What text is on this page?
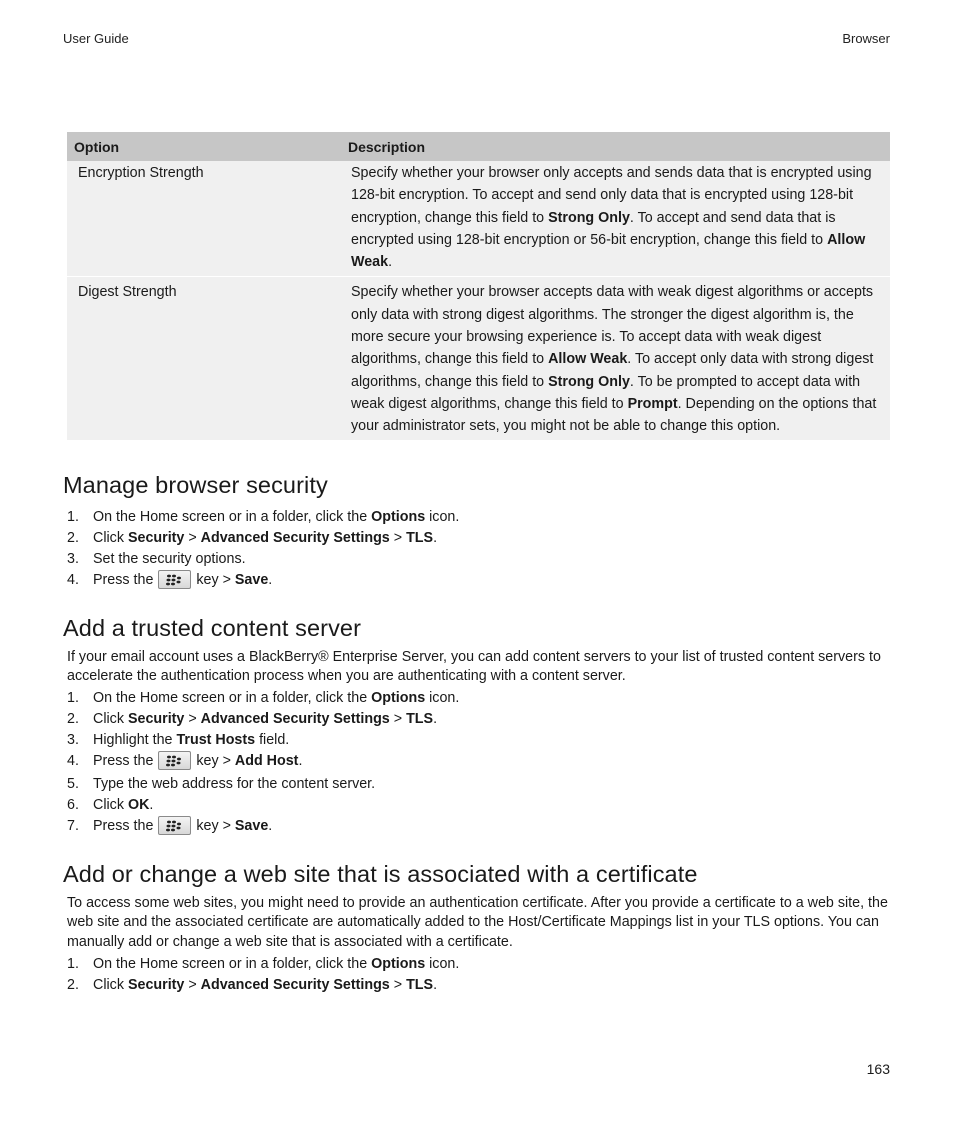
User Guide	Browser
Option	Description
Encryption Strength	Specify whether your browser only accepts and sends data that is encrypted using 128-bit encryption. To accept and send only data that is encrypted using 128-bit encryption, change this field to Strong Only. To accept and send data that is encrypted using 128-bit encryption or 56-bit encryption, change this field to Allow Weak.
Digest Strength	Specify whether your browser accepts data with weak digest algorithms or accepts only data with strong digest algorithms. The stronger the digest algorithm is, the more secure your browsing experience is. To accept data with weak digest algorithms, change this field to Allow Weak. To accept only data with strong digest algorithms, change this field to Strong Only. To be prompted to accept data with weak digest algorithms, change this field to Prompt. Depending on the options that your administrator sets, you might not be able to change this option.
Manage browser security
1. On the Home screen or in a folder, click the Options icon.
2. Click Security > Advanced Security Settings > TLS.
3. Set the security options.
4. Press the
key > Save.
Add a trusted content server

If your email account uses a BlackBerry® Enterprise Server, you can add content servers to your list of trusted content servers to accelerate the authentication process when you are authenticating with a content server.

1. On the Home screen or in a folder, click the Options icon.
2. Click Security > Advanced Security Settings > TLS.
3. Highlight the Trust Hosts field.
4. Press the
key > Add Host.
5. Type the web address for the content server.
6. Click OK.
7. Press the
key > Save.
Add or change a web site that is associated with a certificate

To access some web sites, you might need to provide an authentication certificate. After you provide a certificate to a web site, the web site and the associated certificate are automatically added to the Host/Certificate Mappings list in your TLS options. You can manually add or change a web site that is associated with a certificate.

1. On the Home screen or in a folder, click the Options icon.
2. Click Security > Advanced Security Settings > TLS.
163
